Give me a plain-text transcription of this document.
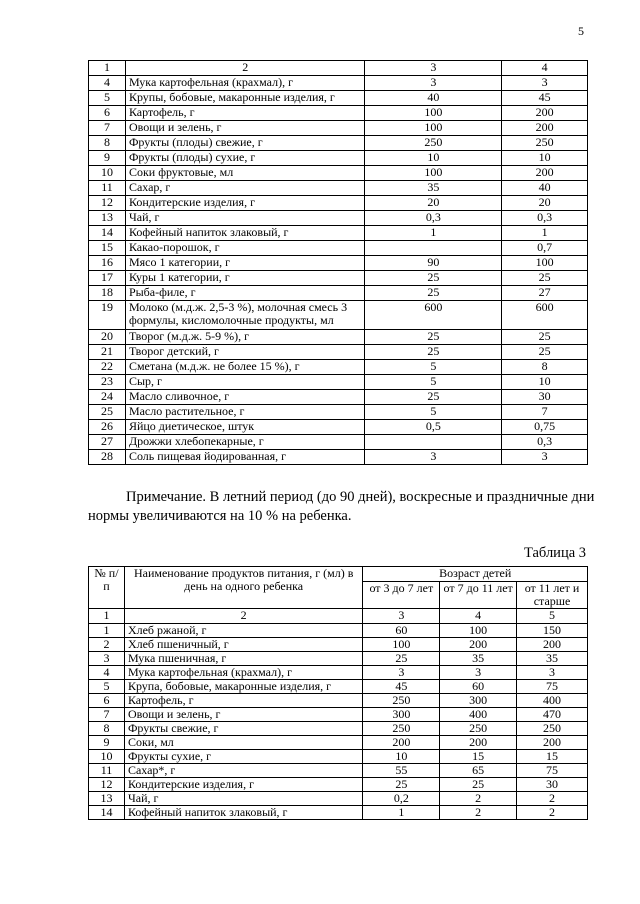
5
1	2	3	4
4	Мука картофельная (крахмал), г	3	3
5	Крупы, бобовые, макаронные изделия, г	40	45
6	Картофель, г	100	200
7	Овощи и зелень, г	100	200
8	Фрукты (плоды) свежие, г	250	250
9	Фрукты (плоды) сухие, г	10	10
10	Соки фруктовые, мл	100	200
11	Сахар, г	35	40
12	Кондитерские изделия, г	20	20
13	Чай, г	0,3	0,3
14	Кофейный напиток злаковый, г	1	1
15	Какао-порошок, г		0,7
16	Мясо 1 категории, г	90	100
17	Куры 1 категории, г	25	25
18	Рыба-филе, г	25	27
19	Молоко (м.д.ж. 2,5-3 %), молочная смесь 3 формулы, кисломолочные продукты, мл	600	600
20	Творог (м.д.ж. 5-9 %), г	25	25
21	Творог детский, г	25	25
22	Сметана (м.д.ж. не более 15 %), г	5	8
23	Сыр, г	5	10
24	Масло сливочное, г	25	30
25	Масло растительное, г	5	7
26	Яйцо диетическое, штук	0,5	0,75
27	Дрожжи хлебопекарные, г		0,3
28	Соль пищевая йодированная, г	3	3
Примечание. В летний период (до 90 дней), воскресные и праздничные дни нормы увеличиваются на 10 % на ребенка.
Таблица 3
№ п/п	Наименование продуктов питания, г (мл) в день на одного ребенка	Возраст детей		
		от 3 до 7 лет	от 7 до 11 лет	от 11 лет и старше
1	2	3	4	5
1	Хлеб ржаной, г	60	100	150
2	Хлеб пшеничный, г	100	200	200
3	Мука пшеничная, г	25	35	35
4	Мука картофельная (крахмал), г	3	3	3
5	Крупа, бобовые, макаронные изделия, г	45	60	75
6	Картофель, г	250	300	400
7	Овощи и зелень, г	300	400	470
8	Фрукты свежие, г	250	250	250
9	Соки, мл	200	200	200
10	Фрукты сухие, г	10	15	15
11	Сахар*, г	55	65	75
12	Кондитерские изделия, г	25	25	30
13	Чай, г	0,2	2	2
14	Кофейный напиток злаковый, г	1	2	2
